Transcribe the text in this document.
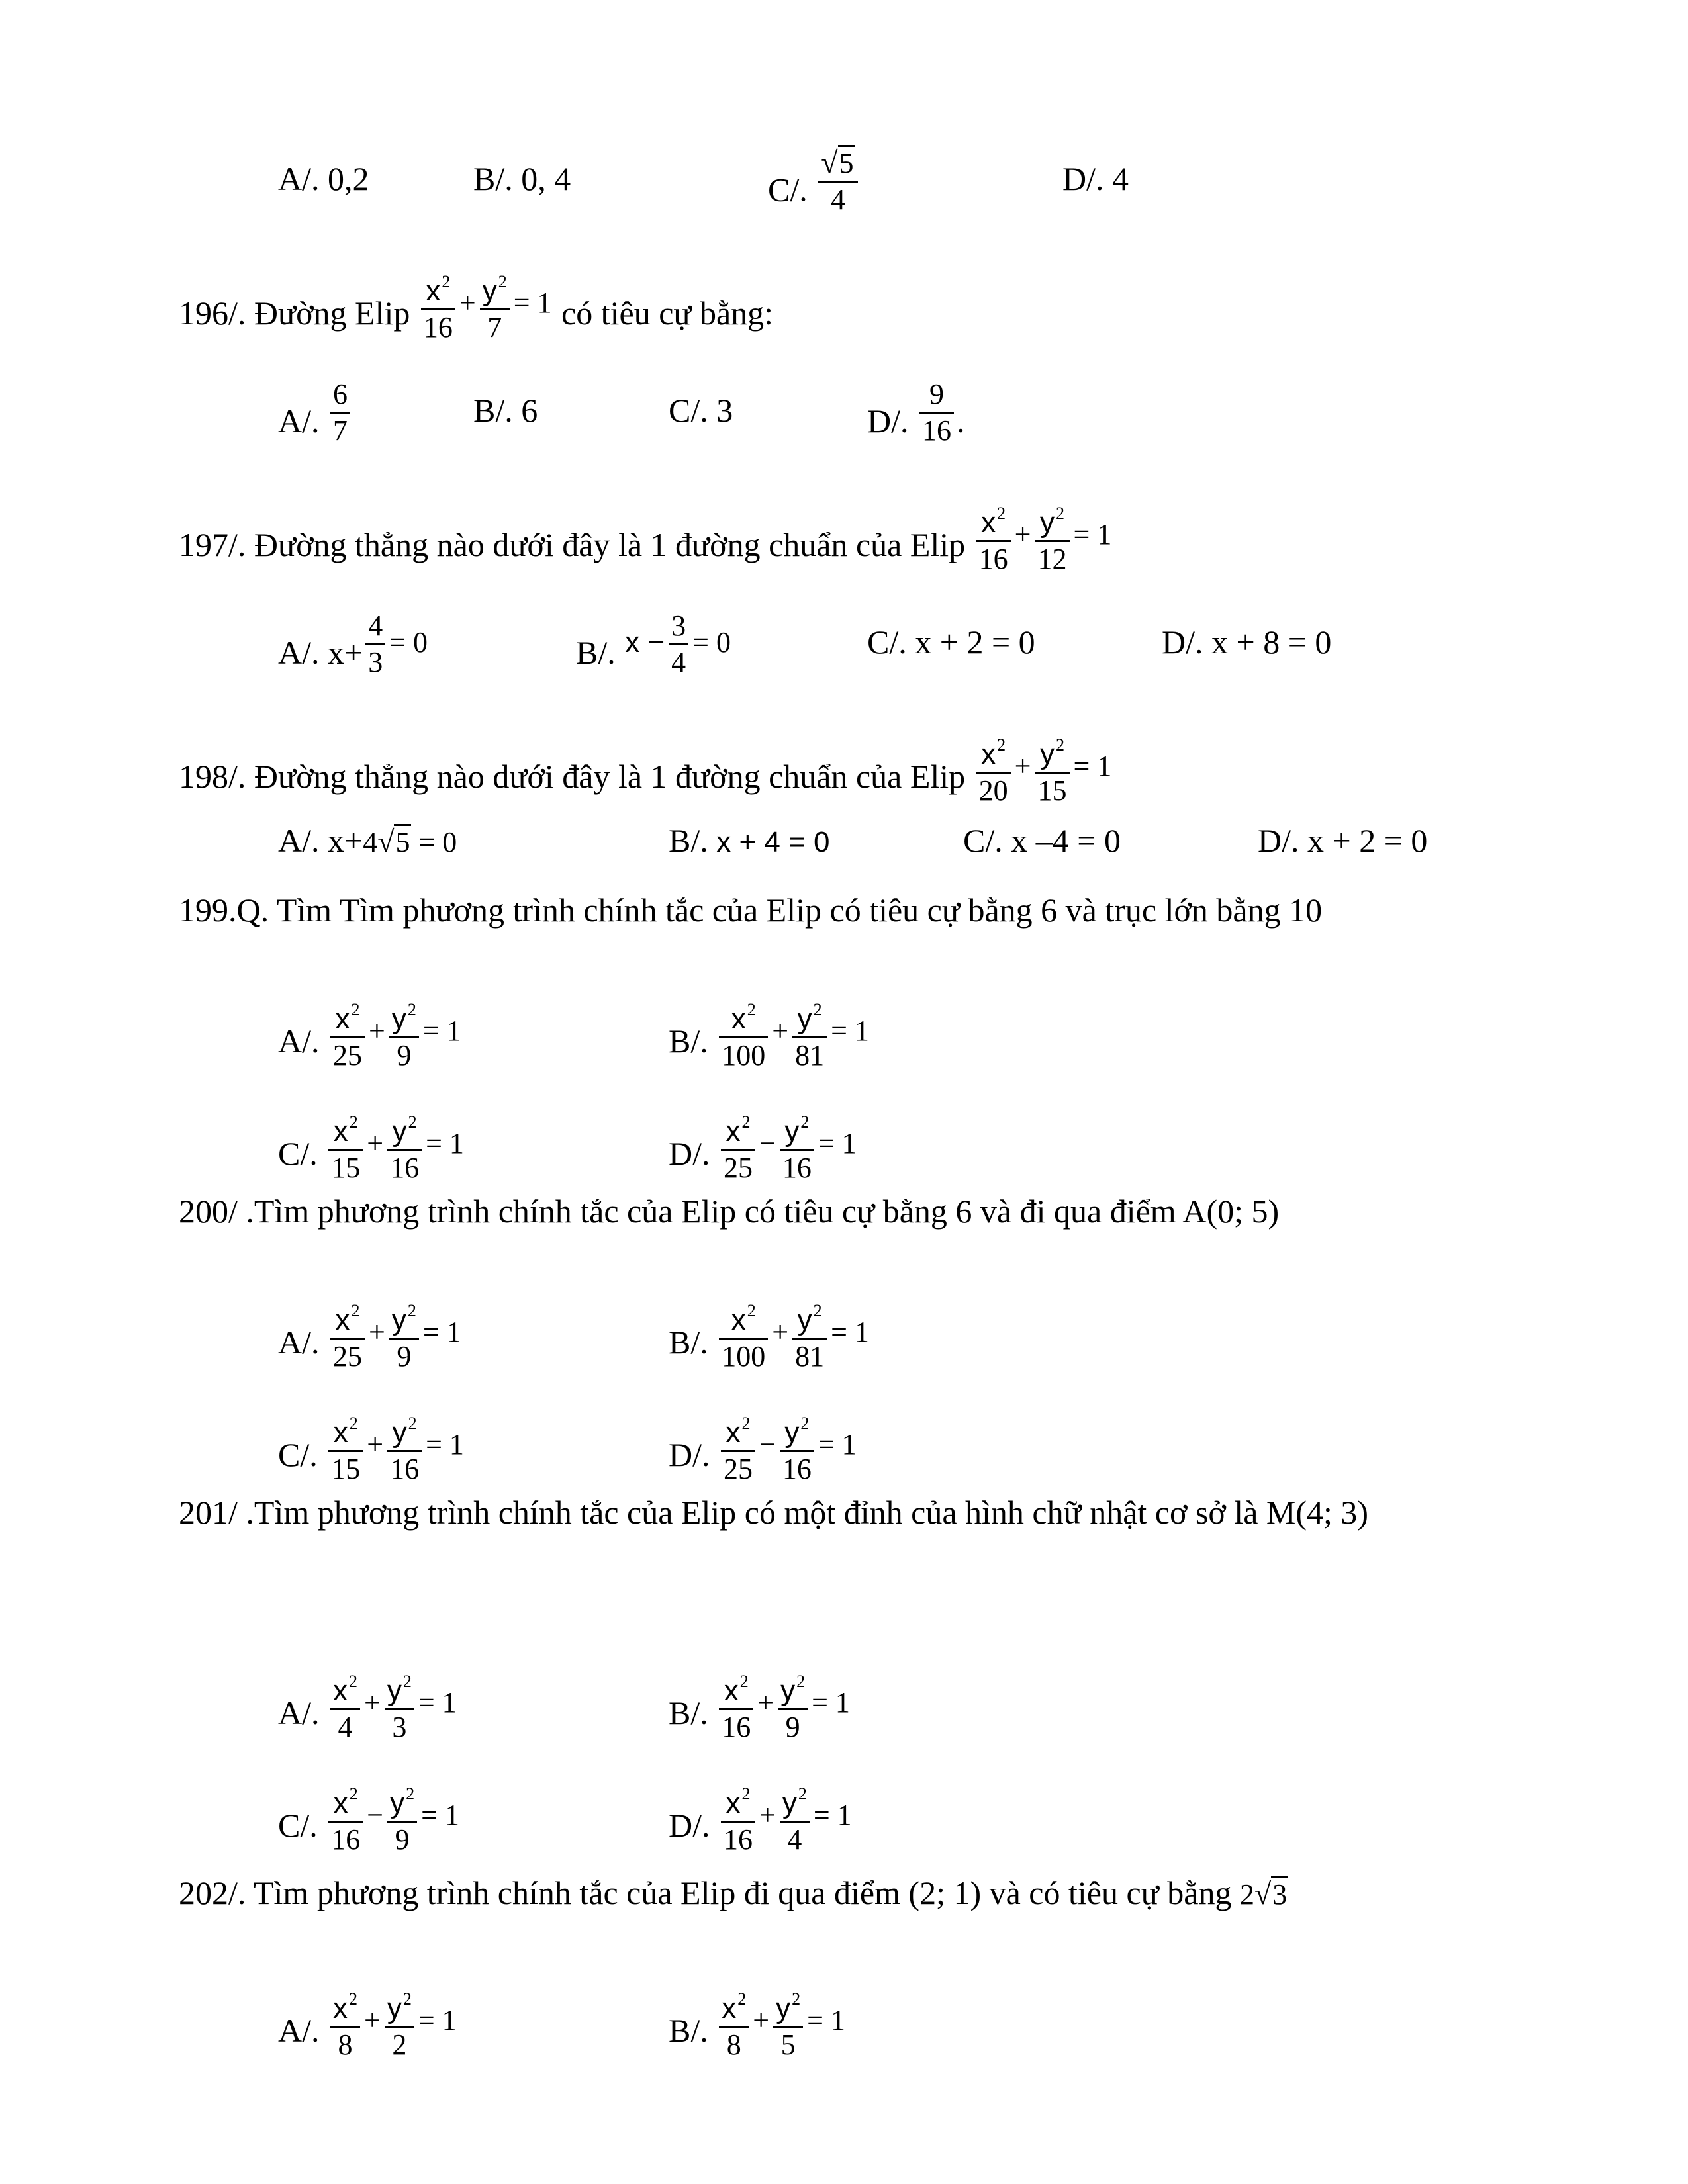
A/. 0,2	B/. 0, 4	C/. $\frac{√5}{4}$	D/. 4
196/. Đường Elip $\frac{x^2}{16} + \frac{y^2}{7} = 1$ có tiêu cự bằng:
A/. $\frac{6}{7}$	B/. 6	C/. 3	D/. $\frac{9}{16}$ .
197/. Đường thẳng nào dưới đây là 1 đường chuẩn của Elip $\frac{x^2}{16} + \frac{y^2}{12} = 1$
A/. $x+ \frac{4}{3} = 0$	B/. $x - \frac{3}{4} = 0$	C/. x + 2 = 0	D/. x + 8 = 0
198/. Đường thẳng nào dưới đây là 1 đường chuẩn của Elip $\frac{x^2}{20} + \frac{y^2}{15} = 1$
A/. x+4√5 = 0	B/. x + 4 = 0	C/. x –4 = 0	D/. x + 2 = 0
199.Q. Tìm Tìm phương trình chính tắc của Elip có tiêu cự bằng 6 và trục lớn bằng 10
A/. $\frac{x^2}{25} + \frac{y^2}{9} = 1$	B/. $\frac{x^2}{100} + \frac{y^2}{81} = 1$
C/. $\frac{x^2}{15} + \frac{y^2}{16} = 1$	D/. $\frac{x^2}{25} - \frac{y^2}{16} = 1$
200/ .Tìm phương trình chính tắc của Elip có tiêu cự bằng 6 và đi qua điểm A(0; 5)
A/. $\frac{x^2}{25} + \frac{y^2}{9} = 1$	B/. $\frac{x^2}{100} + \frac{y^2}{81} = 1$
C/. $\frac{x^2}{15} + \frac{y^2}{16} = 1$	D/. $\frac{x^2}{25} - \frac{y^2}{16} = 1$
201/ .Tìm phương trình chính tắc của Elip có một đỉnh của hình chữ nhật cơ sở là M(4; 3)
A/. $\frac{x^2}{4} + \frac{y^2}{3} = 1$	B/. $\frac{x^2}{16} + \frac{y^2}{9} = 1$
C/. $\frac{x^2}{16} - \frac{y^2}{9} = 1$	D/. $\frac{x^2}{16} + \frac{y^2}{4} = 1$
202/. Tìm phương trình chính tắc của Elip đi qua điểm (2; 1) và có tiêu cự bằng 2√3
A/. $\frac{x^2}{8} + \frac{y^2}{2} = 1$	B/. $\frac{x^2}{8} + \frac{y^2}{5} = 1$
